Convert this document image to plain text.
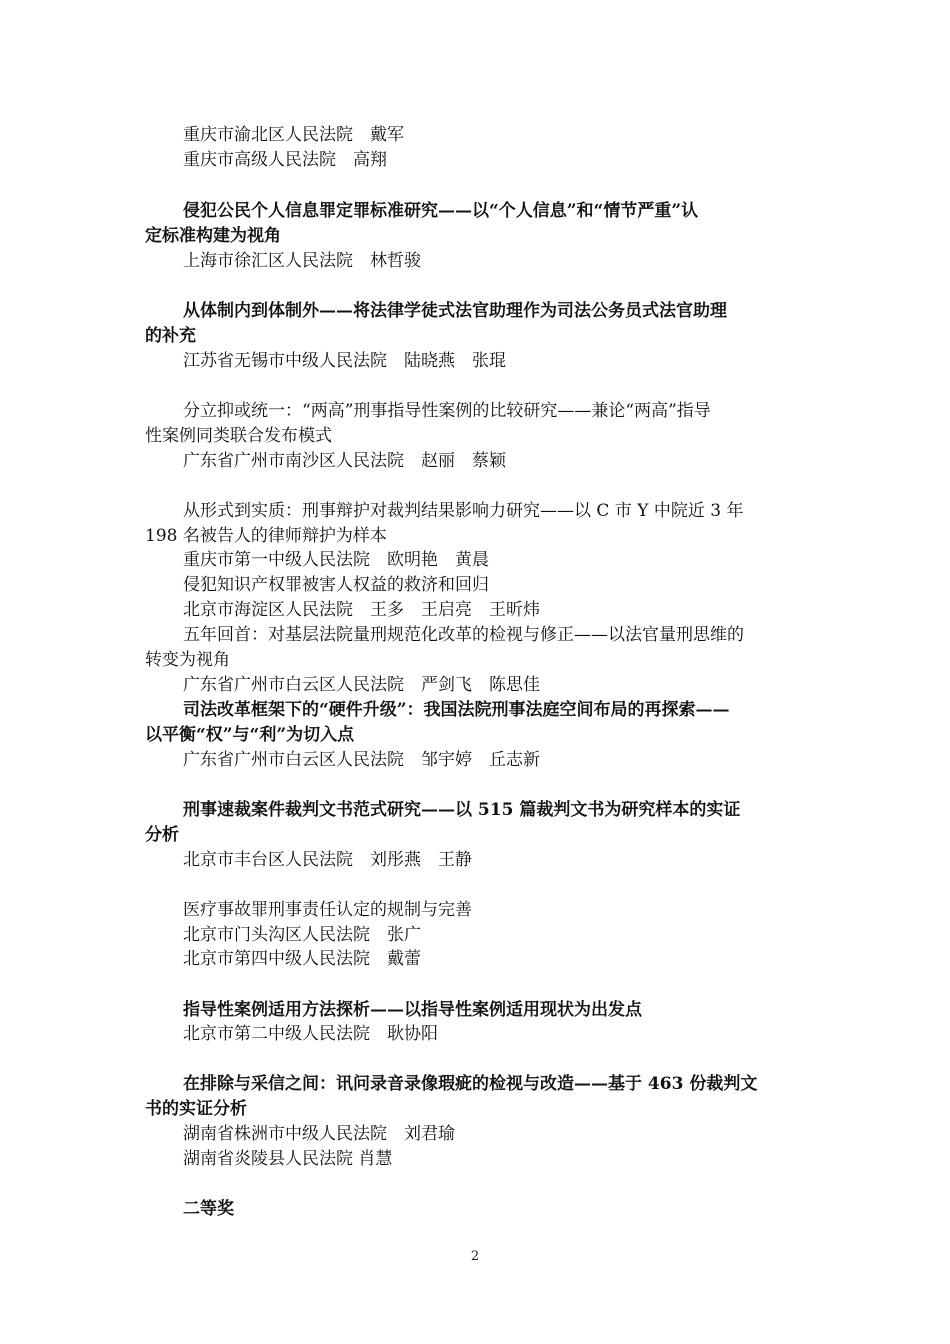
重庆市渝北区人民法院　戴军
重庆市高级人民法院　高翔
侵犯公民个人信息罪定罪标准研究——以“个人信息”和“情节严重”认
定标准构建为视角
上海市徐汇区人民法院　林哲骏
从体制内到体制外——将法律学徒式法官助理作为司法公务员式法官助理
的补充
江苏省无锡市中级人民法院　陆晓燕　张琨
分立抑或统一：“两高”刑事指导性案例的比较研究——兼论“两高”指导
性案例同类联合发布模式
广东省广州市南沙区人民法院　赵丽　蔡颖
从形式到实质：刑事辩护对裁判结果影响力研究——以 C 市 Y 中院近 3 年
198 名被告人的律师辩护为样本
重庆市第一中级人民法院　欧明艳　黄晨
侵犯知识产权罪被害人权益的救济和回归
北京市海淀区人民法院　王多　王启亮　王昕炜
五年回首：对基层法院量刑规范化改革的检视与修正——以法官量刑思维的
转变为视角
广东省广州市白云区人民法院　严剑飞　陈思佳
司法改革框架下的“硬件升级”：我国法院刑事法庭空间布局的再探索——
以平衡“权”与“利”为切入点
广东省广州市白云区人民法院　邹宇婷　丘志新
刑事速裁案件裁判文书范式研究——以 515 篇裁判文书为研究样本的实证
分析
北京市丰台区人民法院　刘彤燕　王静
医疗事故罪刑事责任认定的规制与完善
北京市门头沟区人民法院　张广
北京市第四中级人民法院　戴蕾
指导性案例适用方法探析——以指导性案例适用现状为出发点
北京市第二中级人民法院　耿协阳
在排除与采信之间：讯问录音录像瑕疵的检视与改造——基于 463 份裁判文
书的实证分析
湖南省株洲市中级人民法院　刘君瑜
湖南省炎陵县人民法院 肖慧
二等奖
2
